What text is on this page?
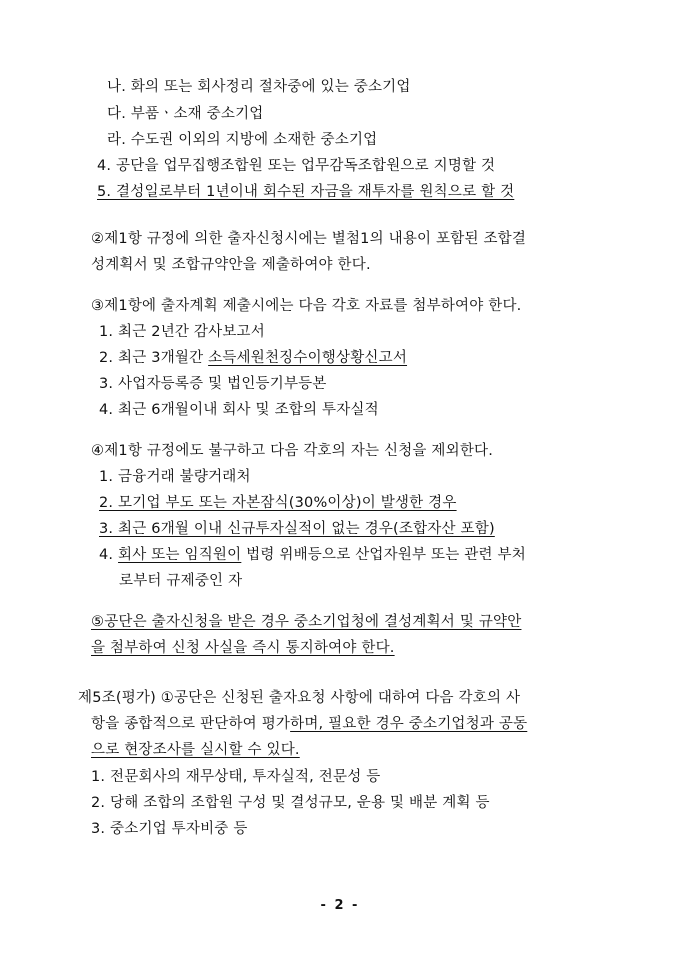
나. 화의 또는 회사정리 절차중에 있는 중소기업
다. 부품ㆍ소재 중소기업
라. 수도권 이외의 지방에 소재한 중소기업
4. 공단을 업무집행조합원 또는 업무감독조합원으로 지명할 것
5. 결성일로부터 1년이내 회수된 자금을 재투자를 원칙으로 할 것
②제1항 규정에 의한 출자신청시에는 별첨1의 내용이 포함된 조합결
성계획서 및 조합규약안을 제출하여야 한다.
③제1항에 출자계획 제출시에는 다음 각호 자료를 첨부하여야 한다.
1. 최근 2년간 감사보고서
2. 최근 3개월간 소득세원천징수이행상황신고서
3. 사업자등록증 및 법인등기부등본
4. 최근 6개월이내 회사 및 조합의 투자실적
④제1항 규정에도 불구하고 다음 각호의 자는 신청을 제외한다.
1. 금융거래 불량거래처
2. 모기업 부도 또는 자본잠식(30%이상)이 발생한 경우
3. 최근 6개월 이내 신규투자실적이 없는 경우(조합자산 포함)
4. 회사 또는 임직원이 법령 위배등으로 산업자원부 또는 관련 부처
로부터 규제중인 자
⑤공단은 출자신청을 받은 경우 중소기업청에 결성계획서 및 규약안
을 첨부하여 신청 사실을 즉시 통지하여야 한다.
제5조(평가) ①공단은 신청된 출자요청 사항에 대하여 다음 각호의 사
항을 종합적으로 판단하여 평가하며, 필요한 경우 중소기업청과 공동
으로 현장조사를 실시할 수 있다.
1. 전문회사의 재무상태, 투자실적, 전문성 등
2. 당해 조합의 조합원 구성 및 결성규모, 운용 및 배분 계획 등
3. 중소기업 투자비중 등
- 2 -
